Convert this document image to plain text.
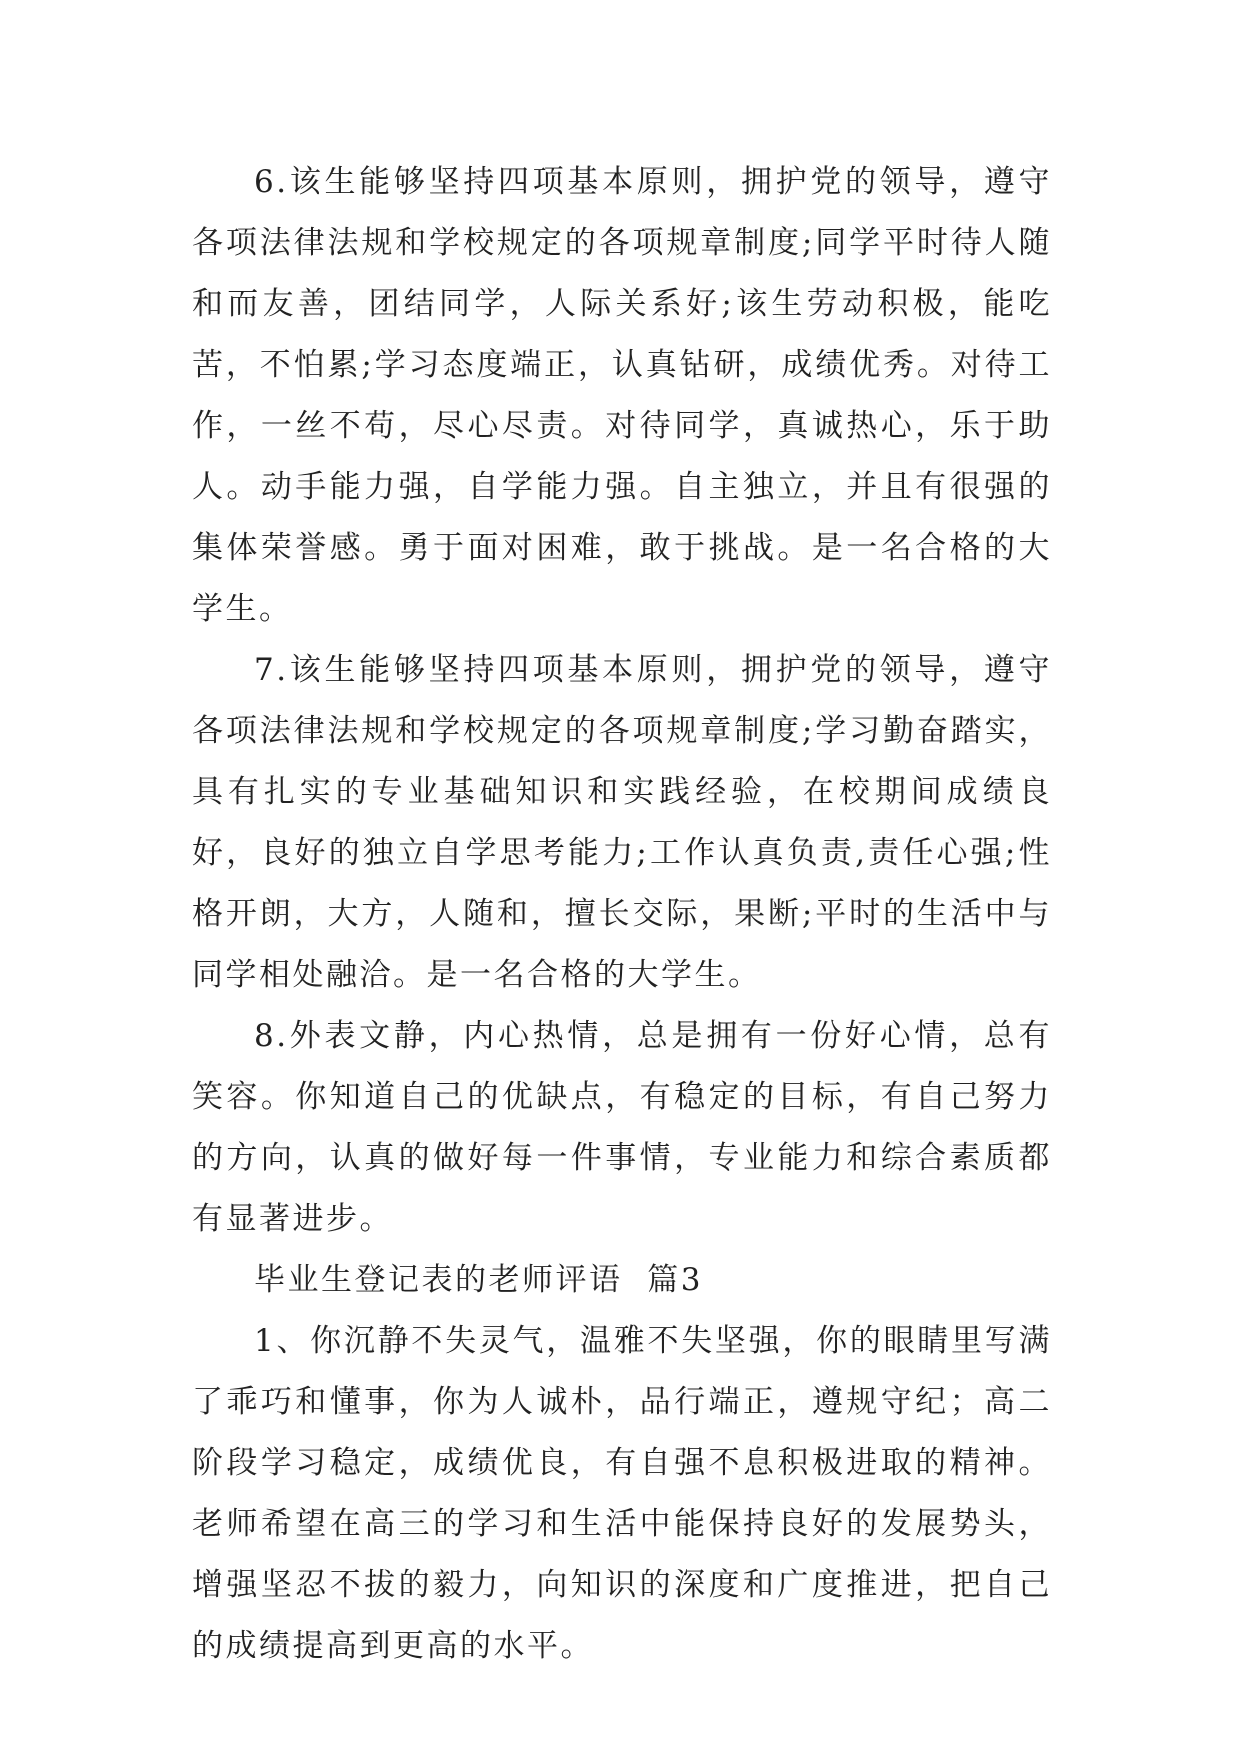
6.该生能够坚持四项基本原则，拥护党的领导，遵守各项法律法规和学校规定的各项规章制度;同学平时待人随和而友善，团结同学，人际关系好;该生劳动积极，能吃苦，不怕累;学习态度端正，认真钻研，成绩优秀。对待工作，一丝不苟，尽心尽责。对待同学，真诚热心，乐于助人。动手能力强，自学能力强。自主独立，并且有很强的集体荣誉感。勇于面对困难，敢于挑战。是一名合格的大学生。

7.该生能够坚持四项基本原则，拥护党的领导，遵守各项法律法规和学校规定的各项规章制度;学习勤奋踏实，具有扎实的专业基础知识和实践经验，在校期间成绩良好，良好的独立自学思考能力;工作认真负责,责任心强;性格开朗，大方，人随和，擅长交际，果断;平时的生活中与同学相处融洽。是一名合格的大学生。

8.外表文静，内心热情，总是拥有一份好心情，总有笑容。你知道自己的优缺点，有稳定的目标，有自己努力的方向，认真的做好每一件事情，专业能力和综合素质都有显著进步。

毕业生登记表的老师评语  篇3

1、你沉静不失灵气，温雅不失坚强，你的眼睛里写满了乖巧和懂事，你为人诚朴，品行端正，遵规守纪；高二阶段学习稳定，成绩优良，有自强不息积极进取的精神。老师希望在高三的学习和生活中能保持良好的发展势头，增强坚忍不拔的毅力，向知识的深度和广度推进，把自己的成绩提高到更高的水平。
